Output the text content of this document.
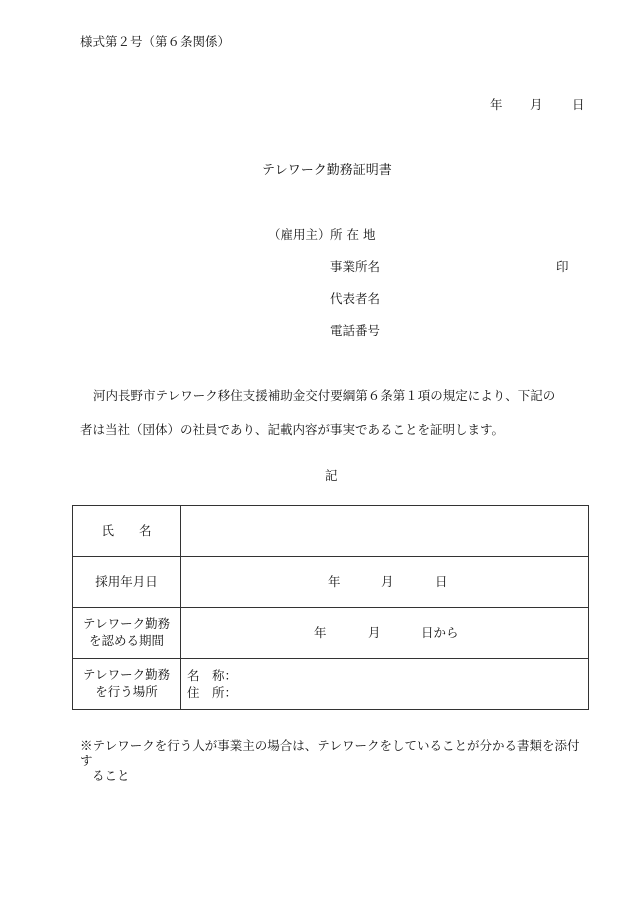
様式第２号（第６条関係）
年	月	日
テレワーク勤務証明書
（雇用主） 所 在 地
事業所名	印
代表者名
電話番号
河内長野市テレワーク移住支援補助金交付要綱第６条第１項の規定により、下記の
者は当社（団体）の社員であり、記載内容が事実であることを証明します。
記
氏　　名	
採用年月日	年 月 日

テレワーク勤務
を認める期間	年 月 日から

テレワーク勤務
を行う場所	名　称：
住　所：
※テレワークを行う人が事業主の場合は、テレワークをしていることが分かる書類を添付す
ること
